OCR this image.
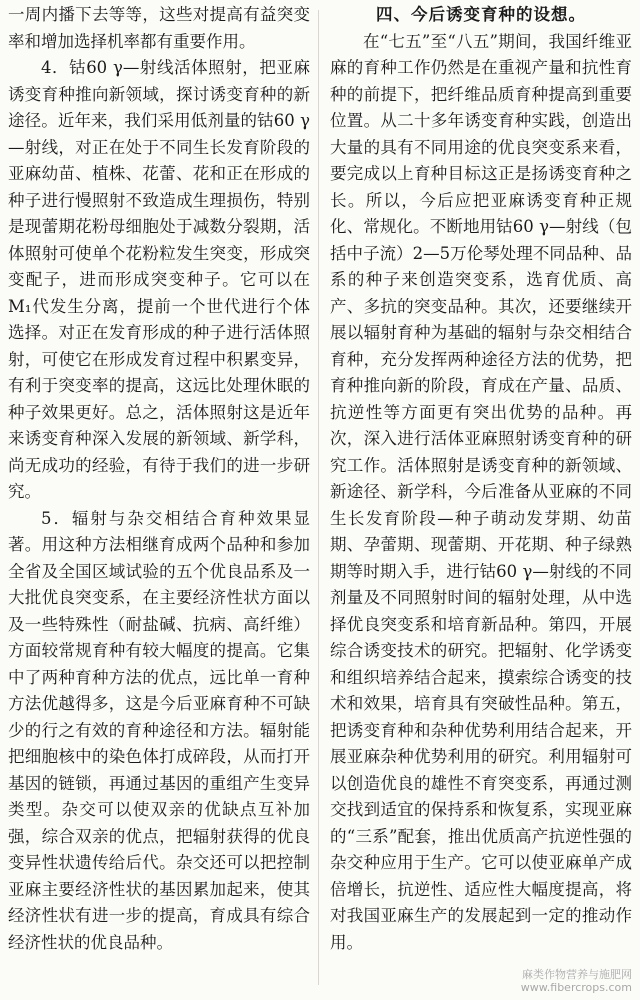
一周内播下去等等，这些对提高有益突变率和增加选择机率都有重要作用。

4．钴60 γ—射线活体照射，把亚麻诱变育种推向新领域，探讨诱变育种的新途径。近年来，我们采用低剂量的钴60 γ—射线，对正在处于不同生长发育阶段的亚麻幼苗、植株、花蕾、花和正在形成的种子进行慢照射不致造成生理损伤，特别是现蕾期花粉母细胞处于减数分裂期，活体照射可使单个花粉粒发生突变，形成突变配子，进而形成突变种子。它可以在M₁代发生分离，提前一个世代进行个体选择。对正在发育形成的种子进行活体照射，可使它在形成发育过程中积累变异，有利于突变率的提高，这远比处理休眠的种子效果更好。总之，活体照射这是近年来诱变育种深入发展的新领域、新学科，尚无成功的经验，有待于我们的进一步研究。

5．辐射与杂交相结合育种效果显著。用这种方法相继育成两个品种和参加全省及全国区域试验的五个优良品系及一大批优良突变系，在主要经济性状方面以及一些特殊性（耐盐碱、抗病、高纤维）方面较常规育种有较大幅度的提高。它集中了两种育种方法的优点，远比单一育种方法优越得多，这是今后亚麻育种不可缺少的行之有效的育种途径和方法。辐射能把细胞核中的染色体打成碎段，从而打开基因的链锁，再通过基因的重组产生变异类型。杂交可以使双亲的优缺点互补加强，综合双亲的优点，把辐射获得的优良变异性状遗传给后代。杂交还可以把控制亚麻主要经济性状的基因累加起来，使其经济性状有进一步的提高，育成具有综合经济性状的优良品种。

四、今后诱变育种的设想。

在“七五”至“八五”期间，我国纤维亚麻的育种工作仍然是在重视产量和抗性育种的前提下，把纤维品质育种提高到重要位置。从二十多年诱变育种实践，创造出大量的具有不同用途的优良突变系来看，要完成以上育种目标这正是扬诱变育种之长。所以，今后应把亚麻诱变育种正规化、常规化。不断地用钴60 γ—射线（包括中子流）2—5万伦琴处理不同品种、品系的种子来创造突变系，选育优质、高产、多抗的突变品种。其次，还要继续开展以辐射育种为基础的辐射与杂交相结合育种，充分发挥两种途径方法的优势，把育种推向新的阶段，育成在产量、品质、抗逆性等方面更有突出优势的品种。再次，深入进行活体亚麻照射诱变育种的研究工作。活体照射是诱变育种的新领域、新途径、新学科，今后准备从亚麻的不同生长发育阶段—种子萌动发芽期、幼苗期、孕蕾期、现蕾期、开花期、种子绿熟期等时期入手，进行钴60 γ—射线的不同剂量及不同照射时间的辐射处理，从中选择优良突变系和培育新品种。第四，开展综合诱变技术的研究。把辐射、化学诱变和组织培养结合起来，摸索综合诱变的技术和效果，培育具有突破性品种。第五，把诱变育种和杂种优势利用结合起来，开展亚麻杂种优势利用的研究。利用辐射可以创造优良的雄性不育突变系，再通过测交找到适宜的保持系和恢复系，实现亚麻的“三系”配套，推出优质高产抗逆性强的杂交种应用于生产。它可以使亚麻单产成倍增长，抗逆性、适应性大幅度提高，将对我国亚麻生产的发展起到一定的推动作用。

麻类作物营养与施肥网
www.fibercrops.com
